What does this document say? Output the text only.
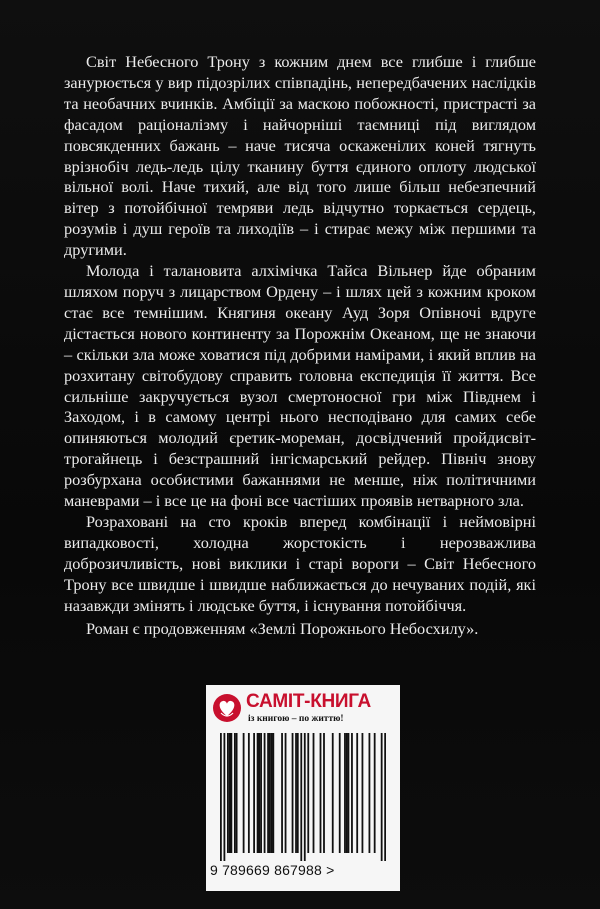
Світ Небесного Трону з кожним днем все глибше і глибше занурюється у вир підозрілих співпадінь, непередбачених наслідків та необачних вчинків. Амбіції за маскою побожності, пристрасті за фасадом раціоналізму і найчорніші таємниці під виглядом повсякденних бажань – наче тисяча оскаженілих коней тягнуть врізнобіч ледь-ледь цілу тканину буття єдиного оплоту людської вільної волі. Наче тихий, але від того лише більш небезпечний вітер з потойбічної темряви ледь відчутно торкається сердець, розумів і душ героїв та лиходіїв – і стирає межу між першими та другими.

Молода і талановита алхімічка Тайса Вільнер йде обраним шляхом поруч з лицарством Ордену – і шлях цей з кожним кроком стає все темнішим. Княгиня океану Ауд Зоря Опівночі вдруге дістається нового континенту за Порожнім Океаном, ще не знаючи – скільки зла може ховатися під добрими намірами, і який вплив на розхитану світобудову справить головна експедиція її життя. Все сильніше закручується вузол смертоносної гри між Півднем і Заходом, і в самому центрі нього несподівано для самих себе опиняються молодий єретик-мореман, досвідчений пройдисвіт-трогайнець і безстрашний інгісмарський рейдер. Північ знову розбурхана особистими бажаннями не менше, ніж політичними маневрами – і все це на фоні все частіших проявів нетварного зла.

Розраховані на сто кроків вперед комбінації і неймовірні випадковості, холодна жорстокість і нерозважлива доброзичливість, нові виклики і старі вороги – Світ Небесного Трону все швидше і швидше наближається до нечуваних подій, які назавжди змінять і людське буття, і існування потойбіччя.

Роман є продовженням «Землі Порожнього Небосхилу».

САМІТ-КНИГА
із книгою – по життю!
9 789669 867988 >
